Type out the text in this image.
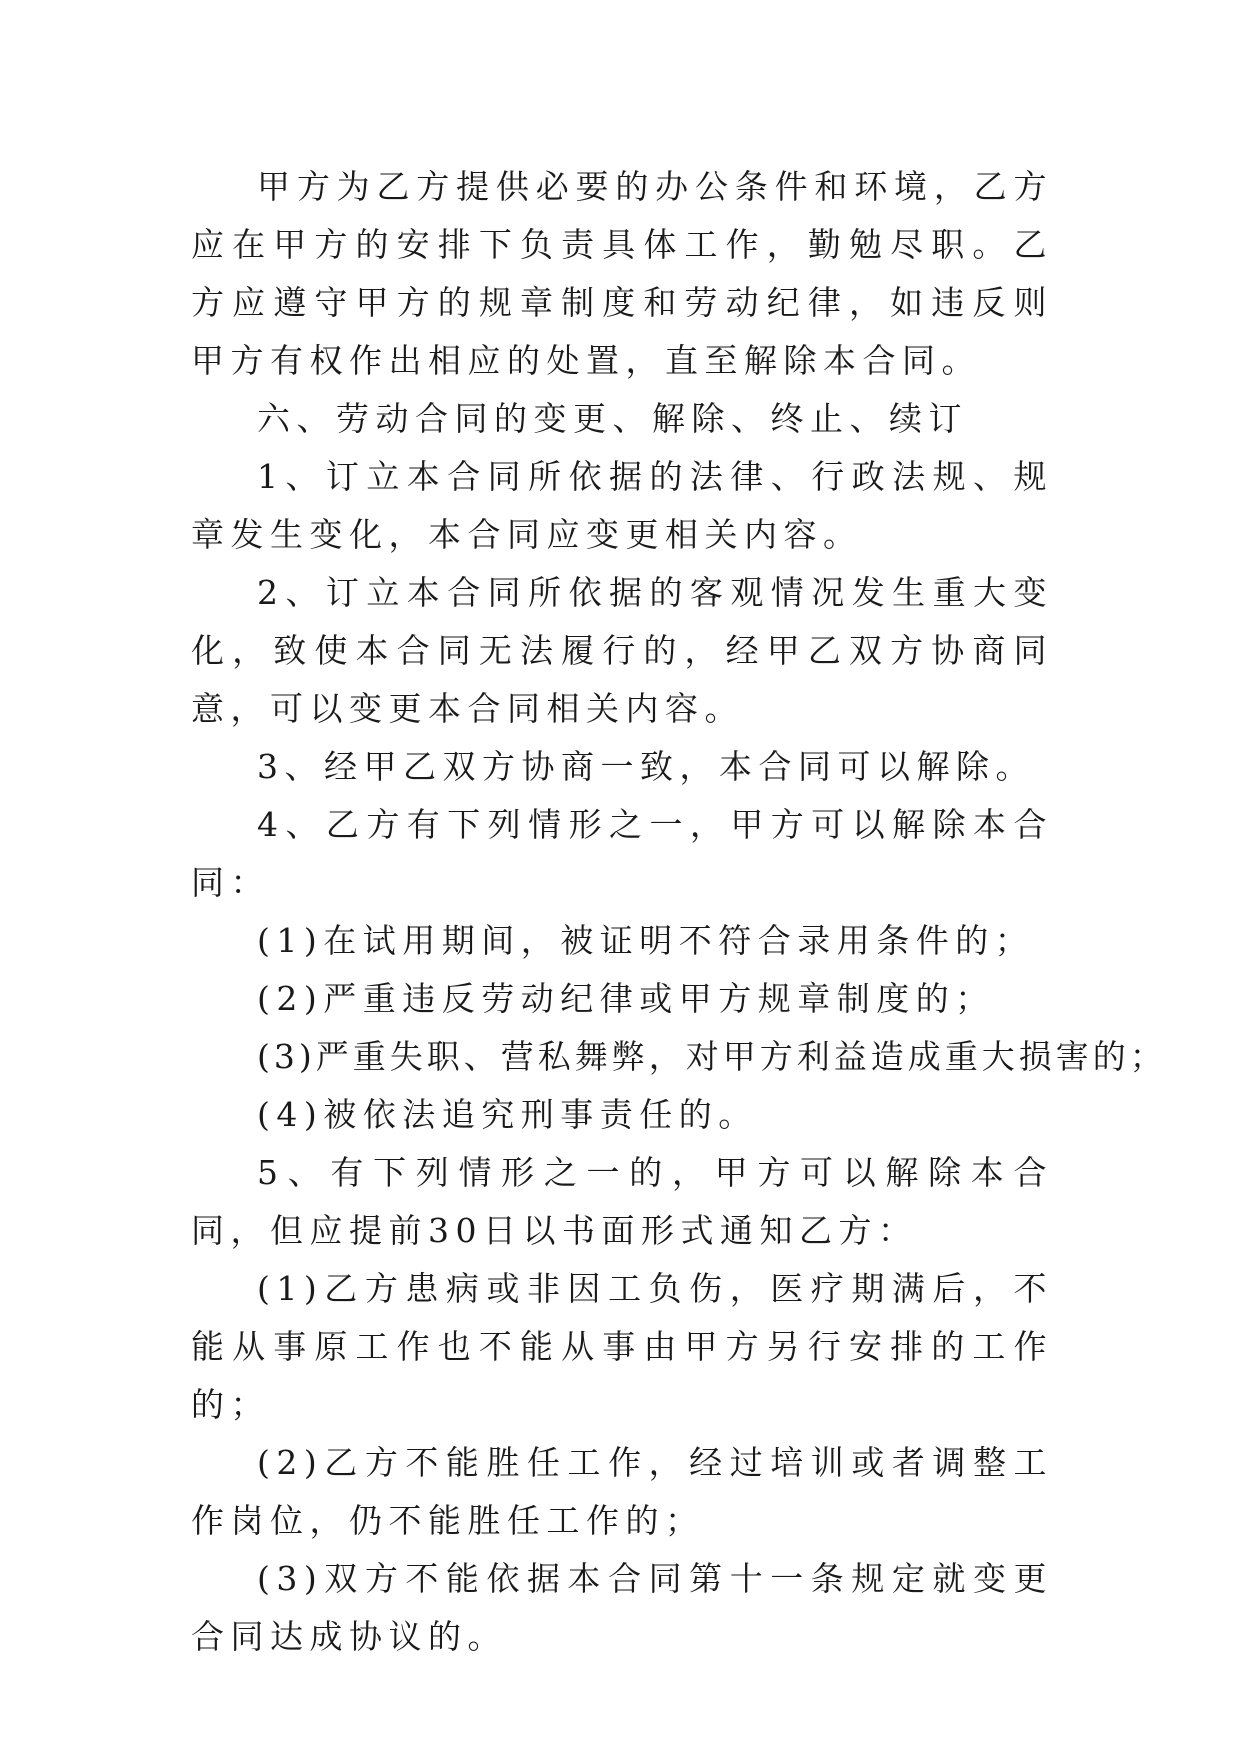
甲方为乙方提供必要的办公条件和环境，乙方应在甲方的安排下负责具体工作，勤勉尽职。乙方应遵守甲方的规章制度和劳动纪律，如违反则甲方有权作出相应的处置，直至解除本合同。

六、劳动合同的变更、解除、终止、续订

1、订立本合同所依据的法律、行政法规、规章发生变化，本合同应变更相关内容。

2、订立本合同所依据的客观情况发生重大变化，致使本合同无法履行的，经甲乙双方协商同意，可以变更本合同相关内容。

3、经甲乙双方协商一致，本合同可以解除。

4、乙方有下列情形之一，甲方可以解除本合同：

(1)在试用期间，被证明不符合录用条件的；

(2)严重违反劳动纪律或甲方规章制度的；

(3)严重失职、营私舞弊，对甲方利益造成重大损害的；

(4)被依法追究刑事责任的。

5、有下列情形之一的，甲方可以解除本合同，但应提前30日以书面形式通知乙方：

(1)乙方患病或非因工负伤，医疗期满后，不能从事原工作也不能从事由甲方另行安排的工作的；

(2)乙方不能胜任工作，经过培训或者调整工作岗位，仍不能胜任工作的；

(3)双方不能依据本合同第十一条规定就变更合同达成协议的。
